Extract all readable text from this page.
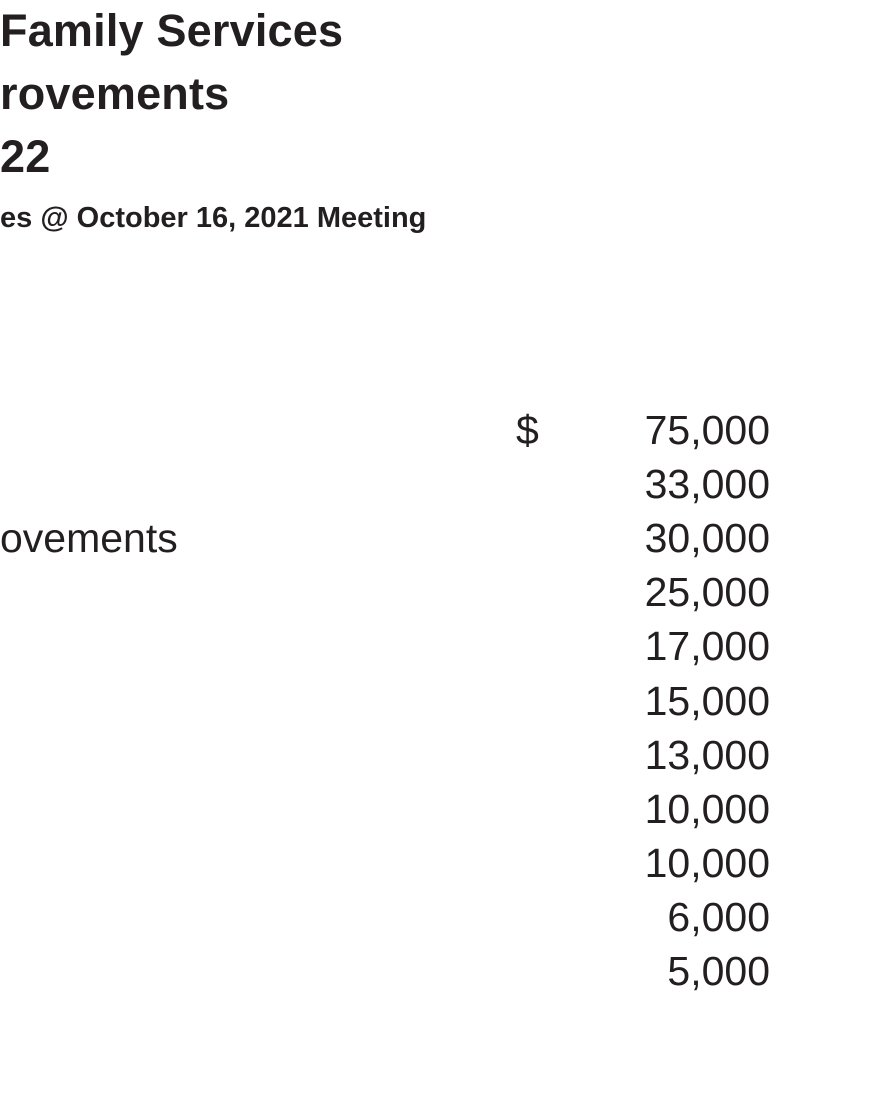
Family Services
rovements
22
es @ October 16, 2021 Meeting
$
ovements
75,000
33,000
30,000
25,000
17,000
15,000
13,000
10,000
10,000
6,000
5,000
